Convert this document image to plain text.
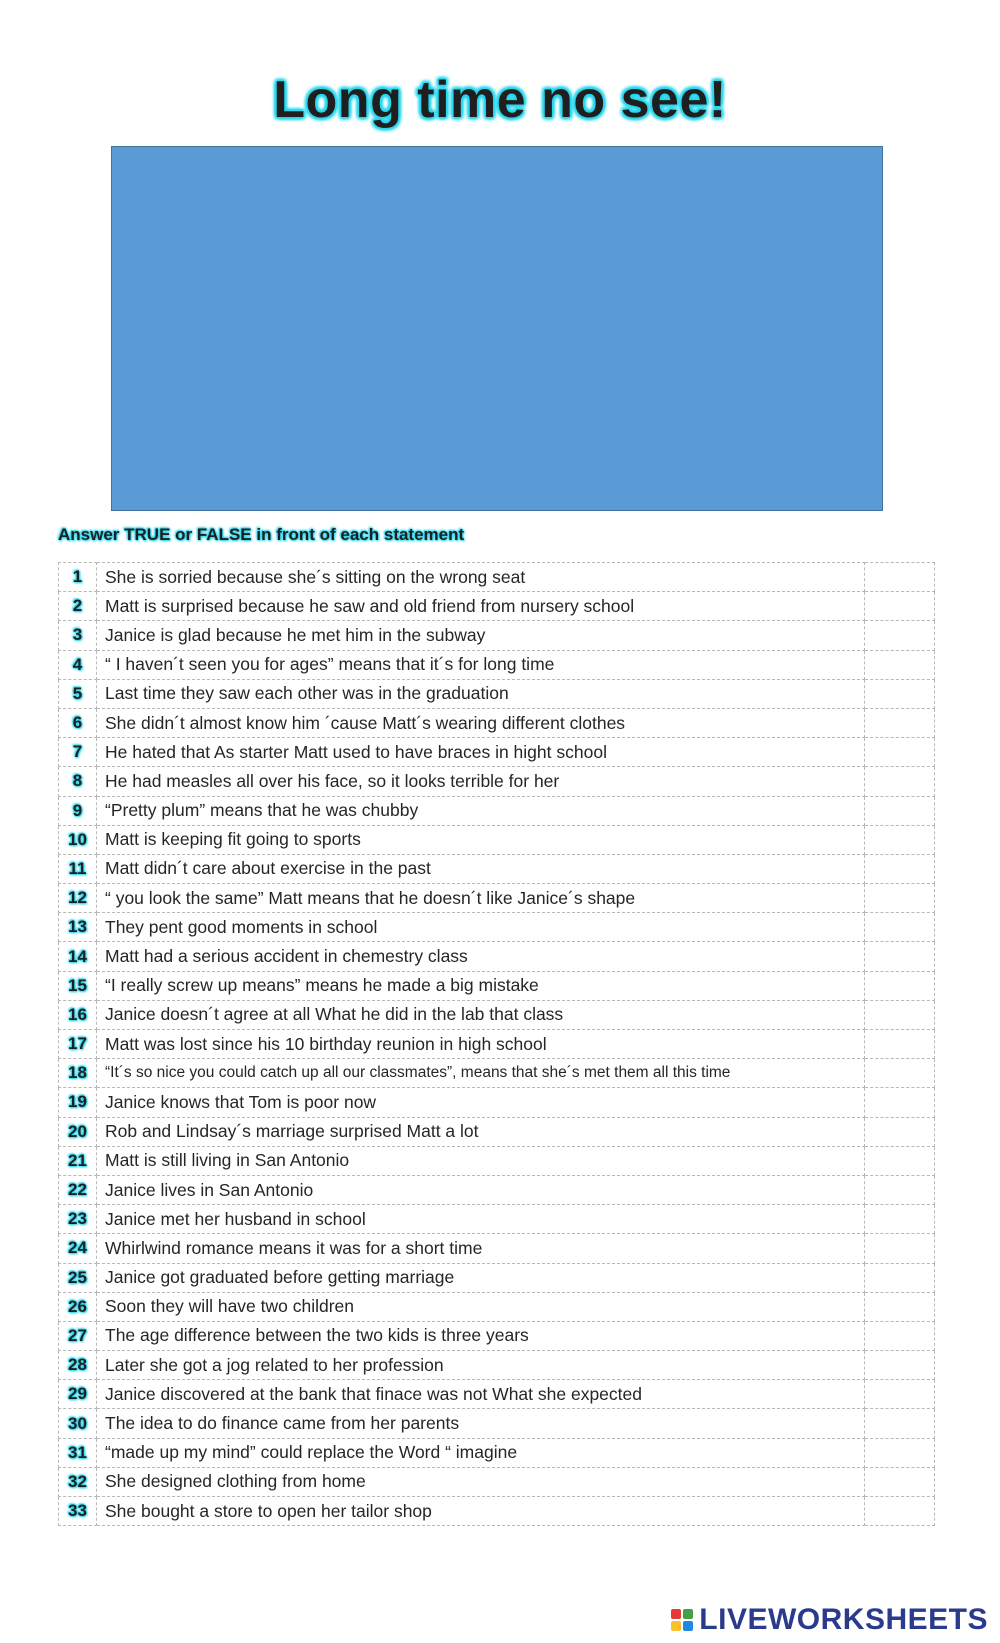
Long time no see!
Answer TRUE or FALSE in front of each statement
1	She is sorried because she´s sitting on the wrong seat	
2	Matt is surprised because he saw and old friend from nursery school	
3	Janice is glad because he met him in the subway	
4	“ I haven´t seen you for ages” means that it´s for long time	
5	Last time they saw each other was in the graduation	
6	She didn´t almost know him ´cause Matt´s wearing different clothes	
7	He hated that As starter Matt used to have braces in hight school	
8	He had measles all over his face, so it looks terrible for her	
9	“Pretty plum” means that he was chubby	
10	Matt is keeping fit going to sports	
11	Matt didn´t care about exercise in the past	
12	“ you look the same” Matt means that he doesn´t like Janice´s shape	
13	They pent good moments in school	
14	Matt had a serious accident in chemestry class	
15	“I really screw up means” means he made a big mistake	
16	Janice doesn´t agree at all What he did in the lab that class	
17	Matt was lost since his 10 birthday reunion in high school	
18	“It´s so nice you could catch up all our classmates”, means that she´s met them all this time	
19	Janice knows that Tom is poor now	
20	Rob and Lindsay´s marriage surprised Matt a lot	
21	Matt is still living in San Antonio	
22	Janice lives in San Antonio	
23	Janice met her husband in school	
24	Whirlwind romance means it was for a short time	
25	Janice got graduated before getting marriage	
26	Soon they will have two children	
27	The age difference between the two kids is three years	
28	Later she got a jog related to her profession	
29	Janice discovered at the bank that finace was not What she expected	
30	The idea to do finance came from her parents	
31	“made up my mind” could replace the Word “ imagine	
32	She designed clothing from home	
33	She bought a store to open her tailor shop	
LIVEWORKSHEETS
